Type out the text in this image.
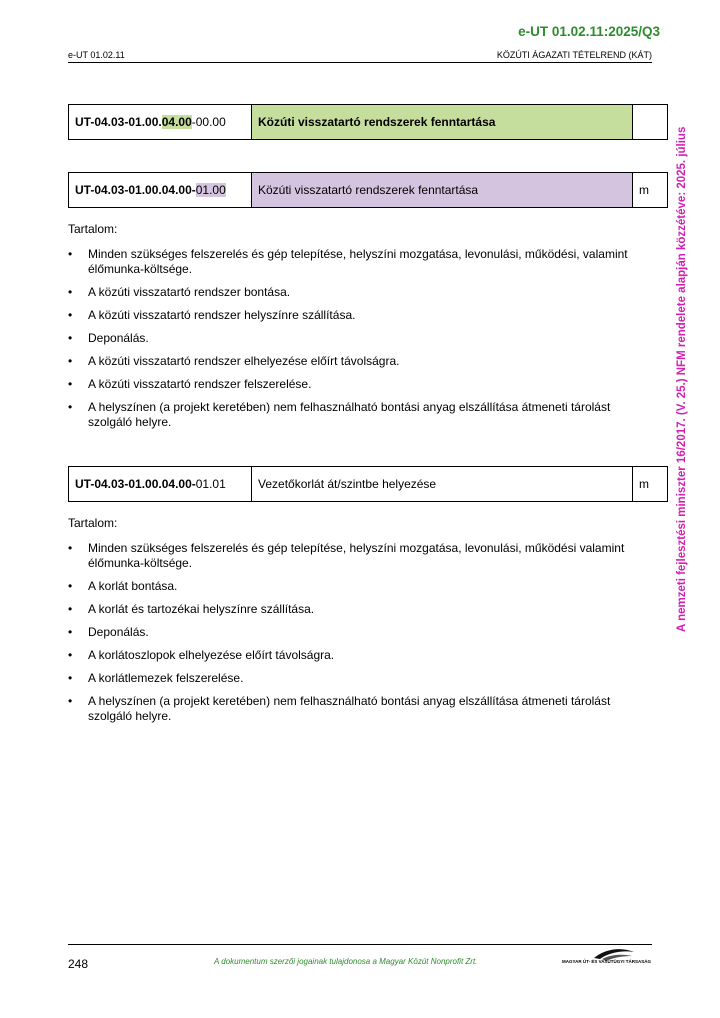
e-UT 01.02.11:2025/Q3
e-UT 01.02.11	KÖZÚTI ÁGAZATI TÉTELREND (KÁT)
A nemzeti fejlesztési miniszter 16/2017. (V. 25.) NFM rendelete alapján közzétéve: 2025. július
UT-04.03-01.00.04.00-00.00	Közúti visszatartó rendszerek fenntartása	
UT-04.03-01.00.04.00-01.00	Közúti visszatartó rendszerek fenntartása	m
Tartalom:
• Minden szükséges felszerelés és gép telepítése, helyszíni mozgatása, levonulási, működési, valamint élőmunka-költsége.
• A közúti visszatartó rendszer bontása.
• A közúti visszatartó rendszer helyszínre szállítása.
• Deponálás.
• A közúti visszatartó rendszer elhelyezése előírt távolságra.
• A közúti visszatartó rendszer felszerelése.
• A helyszínen (a projekt keretében) nem felhasználható bontási anyag elszállítása átmeneti tárolást szolgáló helyre.
UT-04.03-01.00.04.00-01.01	Vezetőkorlát át/szintbe helyezése	m
Tartalom:
• Minden szükséges felszerelés és gép telepítése, helyszíni mozgatása, levonulási, működési valamint élőmunka-költsége.
• A korlát bontása.
• A korlát és tartozékai helyszínre szállítása.
• Deponálás.
• A korlátoszlopok elhelyezése előírt távolságra.
• A korlátlemezek felszerelése.
• A helyszínen (a projekt keretében) nem felhasználható bontási anyag elszállítása átmeneti tárolást szolgáló helyre.
248	A dokumentum szerzői jogainak tulajdonosa a Magyar Közút Nonprofit Zrt.	MAGYAR ÚT- ÉS VASÚTÜGYI TÁRSASÁG
